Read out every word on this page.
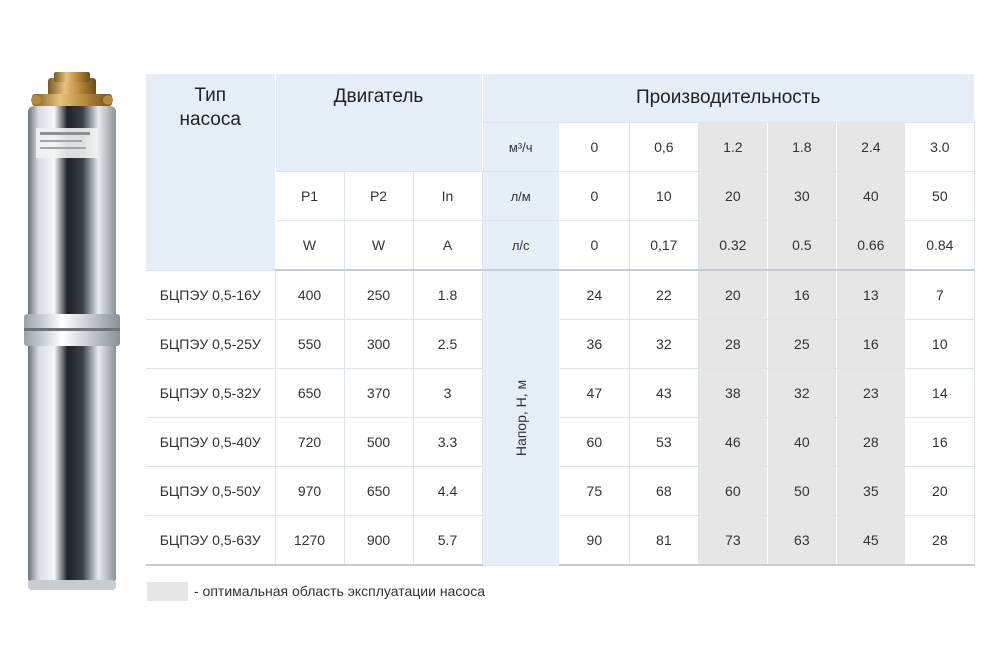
Тип насоса	Двигатель			Производительность						
				м³/ч	0	0,6	1.2	1.8	2.4	3.0
	P1	P2	In	л/м	0	10	20	30	40	50
	W	W	A	л/с	0	0,17	0.32	0.5	0.66	0.84
БЦПЭУ 0,5-16У	400	250	1.8	Напор, Н, м	24	22	20	16	13	7
БЦПЭУ 0,5-25У	550	300	2.5		36	32	28	25	16	10
БЦПЭУ 0,5-32У	650	370	3		47	43	38	32	23	14
БЦПЭУ 0,5-40У	720	500	3.3		60	53	46	40	28	16
БЦПЭУ 0,5-50У	970	650	4.4		75	68	60	50	35	20
БЦПЭУ 0,5-63У	1270	900	5.7		90	81	73	63	45	28
- оптимальная область эксплуатации насоса
